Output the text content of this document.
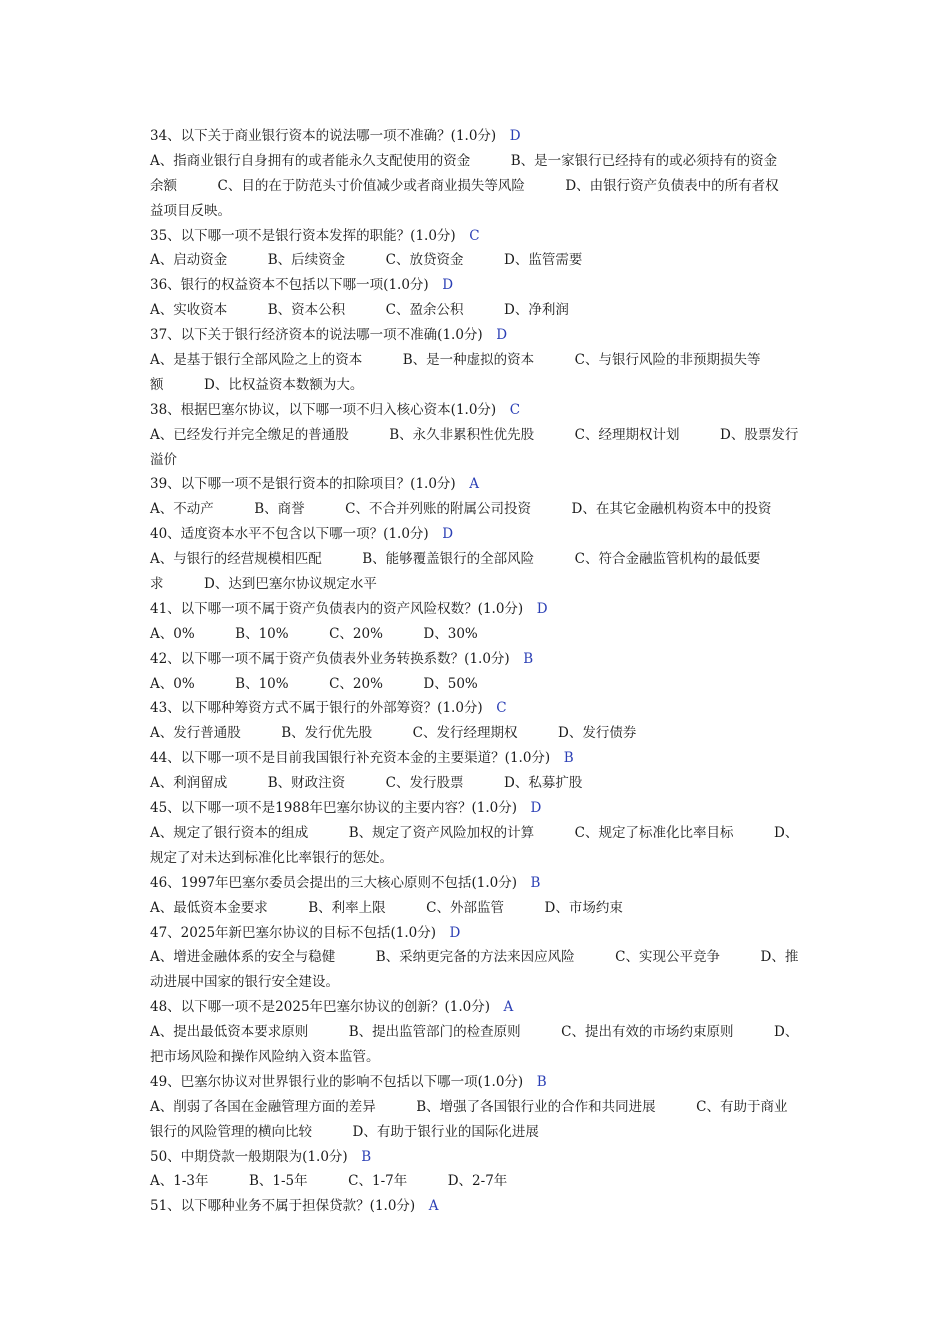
34、以下关于商业银行资本的说法哪一项不准确？(1.0分)　 D
A、指商业银行自身拥有的或者能永久支配使用的资金　　　B、是一家银行已经持有的或必须持有的资金
余额　　　C、目的在于防范头寸价值减少或者商业损失等风险　　　D、由银行资产负债表中的所有者权
益项目反映。
35、以下哪一项不是银行资本发挥的职能？(1.0分)　 C
A、启动资金　　　B、后续资金　　　C、放贷资金　　　D、监管需要
36、银行的权益资本不包括以下哪一项(1.0分)　 D
A、实收资本　　　B、资本公积　　　C、盈余公积　　　D、净利润
37、以下关于银行经济资本的说法哪一项不准确(1.0分)　 D
A、是基于银行全部风险之上的资本　　　B、是一种虚拟的资本　　　C、与银行风险的非预期损失等
额　　　D、比权益资本数额为大。
38、根据巴塞尔协议，以下哪一项不归入核心资本(1.0分)　 C
A、已经发行并完全缴足的普通股　　　B、永久非累积性优先股　　　C、经理期权计划　　　D、股票发行
溢价
39、以下哪一项不是银行资本的扣除项目？(1.0分)　 A
A、不动产　　　B、商誉　　　C、不合并列账的附属公司投资　　　D、在其它金融机构资本中的投资
40、适度资本水平不包含以下哪一项？(1.0分)　 D
A、与银行的经营规模相匹配　　　B、能够覆盖银行的全部风险　　　C、符合金融监管机构的最低要
求　　　D、达到巴塞尔协议规定水平
41、以下哪一项不属于资产负债表内的资产风险权数？(1.0分)　 D
A、0%　　　B、10%　　　C、20%　　　D、30%
42、以下哪一项不属于资产负债表外业务转换系数？(1.0分)　 B
A、0%　　　B、10%　　　C、20%　　　D、50%
43、以下哪种筹资方式不属于银行的外部筹资？(1.0分)　 C
A、发行普通股　　　B、发行优先股　　　C、发行经理期权　　　D、发行债券
44、以下哪一项不是目前我国银行补充资本金的主要渠道？(1.0分)　 B
A、利润留成　　　B、财政注资　　　C、发行股票　　　D、私募扩股
45、以下哪一项不是1988年巴塞尔协议的主要内容？(1.0分)　 D
A、规定了银行资本的组成　　　B、规定了资产风险加权的计算　　　C、规定了标准化比率目标　　　D、
规定了对未达到标准化比率银行的惩处。
46、1997年巴塞尔委员会提出的三大核心原则不包括(1.0分)　 B
A、最低资本金要求　　　B、利率上限　　　C、外部监管　　　D、市场约束
47、2025年新巴塞尔协议的目标不包括(1.0分)　 D
A、增进金融体系的安全与稳健　　　B、采纳更完备的方法来因应风险　　　C、实现公平竞争　　　D、推
动进展中国家的银行安全建设。
48、以下哪一项不是2025年巴塞尔协议的创新？(1.0分)　 A
A、提出最低资本要求原则　　　B、提出监管部门的检查原则　　　C、提出有效的市场约束原则　　　D、
把市场风险和操作风险纳入资本监管。
49、巴塞尔协议对世界银行业的影响不包括以下哪一项(1.0分)　 B
A、削弱了各国在金融管理方面的差异　　　B、增强了各国银行业的合作和共同进展　　　C、有助于商业
银行的风险管理的横向比较　　　D、有助于银行业的国际化进展
50、中期贷款一般期限为(1.0分)　 B
A、1-3年　　　B、1-5年　　　C、1-7年　　　D、2-7年
51、以下哪种业务不属于担保贷款？(1.0分)　 A
